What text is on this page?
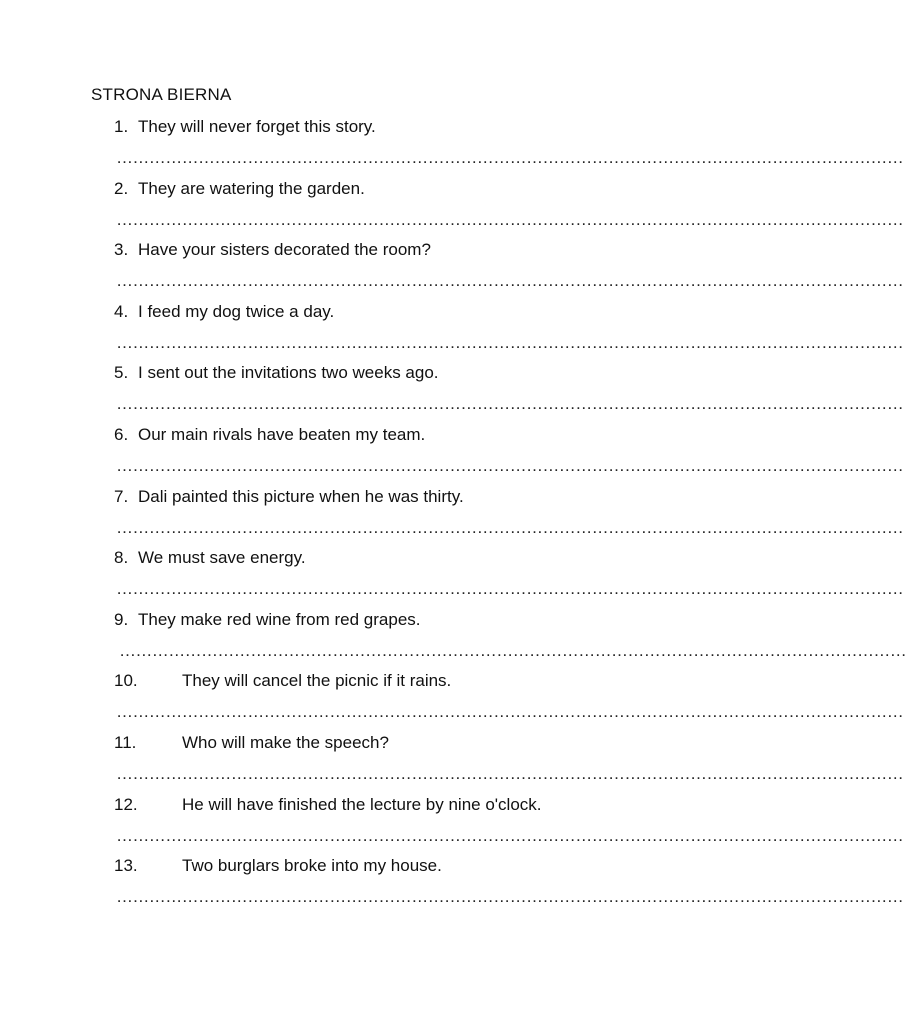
STRONA BIERNA
1. They will never forget this story.
………………………………………………………………………………………………………………………………
2. They are watering the garden.
………………………………………………………………………………………………………………………………
3. Have your sisters decorated the room?
………………………………………………………………………………………………………………………………
4. I feed my dog twice a day.
………………………………………………………………………………………………………………………………
5. I sent out the invitations two weeks ago.
………………………………………………………………………………………………………………………………
6. Our main rivals have beaten my team.
………………………………………………………………………………………………………………………………
7. Dali painted this picture when he was thirty.
………………………………………………………………………………………………………………………………
8. We must save energy.
………………………………………………………………………………………………………………………………
9. They make red wine from red grapes.
………………………………………………………………………………………………………………………………
10.	They will cancel the picnic if it rains.
………………………………………………………………………………………………………………………………
11.	Who will make the speech?
………………………………………………………………………………………………………………………………
12.	He will have finished the lecture by nine o'clock.
………………………………………………………………………………………………………………………………
13.	Two burglars broke into my house.
………………………………………………………………………………………………………………………………
